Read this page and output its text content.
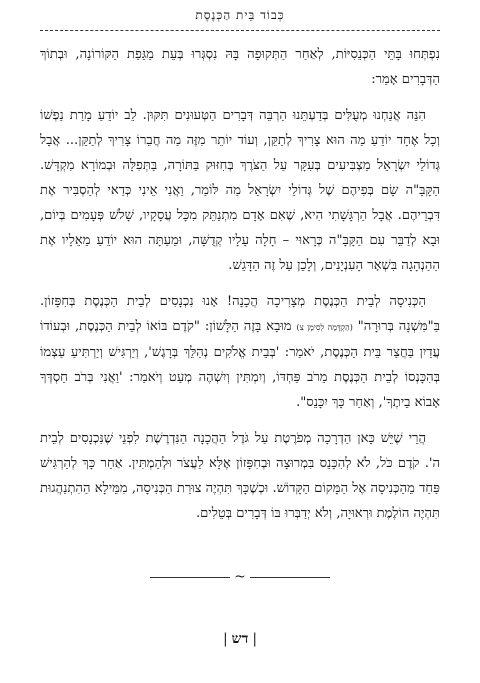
כְּבוֹד בֵּית הַכְּנֶסֶת

נִפְתְּחוּ בָּתֵּי הַכְּנֵסִיּוֹת, לְאַחַר הַתְּקוּפָה בָּהּ נִסְגְּרוּ בְּעֵת מַגֵּפַת הַקּוֹרוֹנָה, וּבְתוֹךְ הַדְּבָרִים אָמַר:

הִנֵּה אֲנַחְנוּ מְעֻלִּים בְּדַעְתֵּנוּ הַרְבֵּה דְּבָרִים הַטְּעוּנִים תִּקּוּן. לֵב יוֹדֵעַ מָרַת נַפְשׁוֹ וְכָל אֶחָד יוֹדֵעַ מַה הוּא צָרִיךְ לְתַקֵּן, וְעוֹד יוֹתֵר מִזֶּה מַה חֲבֵרוֹ צָרִיךְ לְתַקֵּן... אֲבָל גְּדוֹלֵי יִשְׂרָאֵל מַצְבִּיעִים בְּעִקָּר עַל הַצֹּרֶךְ בְּחִזּוּק בַּתּוֹרָה, בַּתְּפִלָּה וּבְמוֹרָא מִקְדָּשׁ. הַקָּבָּ"ה שָׂם בְּפִיהֶם שֶׁל גְּדוֹלֵי יִשְׂרָאֵל מַה לּוֹמַר, וַאֲנִי אֵינִי כְּדַאי לְהַסְבִּיר אֶת דִּבְרֵיהֶם. אֲבָל הַרְגָּשָׁתִי הִיא, שֶׁאִם אָדָם מִתְנַתֵּק מִכָּל עֲסָקָיו, שָׁלֹשׁ פְּעָמִים בְּיוֹם, וּבָא לְדַבֵּר עִם הַקָּבָּ"ה כְּרָאוּי – חָלָה עָלָיו קְדֻשָּׁה, וּמֵעַתָּה הוּא יוֹדֵעַ מֵאֵלָיו אֶת הַהַנְהָגָה בִּשְׁאָר הָעִנְיָנִים, וְלָכֵן עַל זֶה הַדָּגֵשׁ.

הַכְּנִיסָה לְבֵית הַכְּנֶסֶת מְצָרִיכָה הֲכָנָה! אָנוּ נִכְנָסִים לְבֵית הַכְּנֶסֶת בְּחִפָּזוֹן. בַּ"מִּשְׁנָה בְּרוּרָה" (הַקְדָּמָה לְסִימָן צ) מוּבָא בָּזֶה הַלָּשׁוֹן: "קֹדֶם בּוֹאוֹ לְבֵית הַכְּנֶסֶת, וּבְעוֹדוֹ עֲדַיִן בַּחֲצַר בֵּית הַכְּנֶסֶת, יֹאמַר: 'בְּבֵית אֱלֹקִים נְהַלֵּךְ בְּרָגֶשׁ', וְיַרְגִּישׁ וְיַרְתִּיעַ עַצְמוֹ בְּהִכָּנְסוֹ לְבֵית הַכְּנֶסֶת מֵרֹב פַּחְדּוֹ, וְיִמְתִּין וְיִשְׁהֶה מְעַט וְיֹאמַר: 'וַאֲנִי בְּרֹב חַסְדְּךָ אָבוֹא בֵיתֶךָ', וְאַחַר כָּךְ יִכָּנֵס".

הֲרֵי שֶׁיֵּשׁ כָּאן הַדְרָכָה מְפֹרֶטֶת עַל גֹּדֶל הַהֲכָנָה הַנִּדְרֶשֶׁת לִפְנֵי שֶׁנִּכְנָסִים לְבֵית ה'. קֹדֶם כֹּל, לֹא לְהִכָּנֵס בִּמְרוּצָה וּבְחִפָּזוֹן אֶלָּא לַעֲצֹר וּלְהַמְתִּין. אַחַר כָּךְ לְהַרְגִּישׁ פַּחַד מֵהַכְּנִיסָה אֶל הַמָּקוֹם הַקָּדוֹשׁ. וּכְשֶׁכָּךְ תִּהְיֶה צוּרַת הַכְּנִיסָה, מִמֵּילָא הַהִתְנַהֲגוּת תִּהְיֶה הוֹלֶמֶת וּרְאוּיָה, וְלֹא יְדַבְּרוּ בּוֹ דְּבָרִים בְּטֵלִים.

~
|דש|
